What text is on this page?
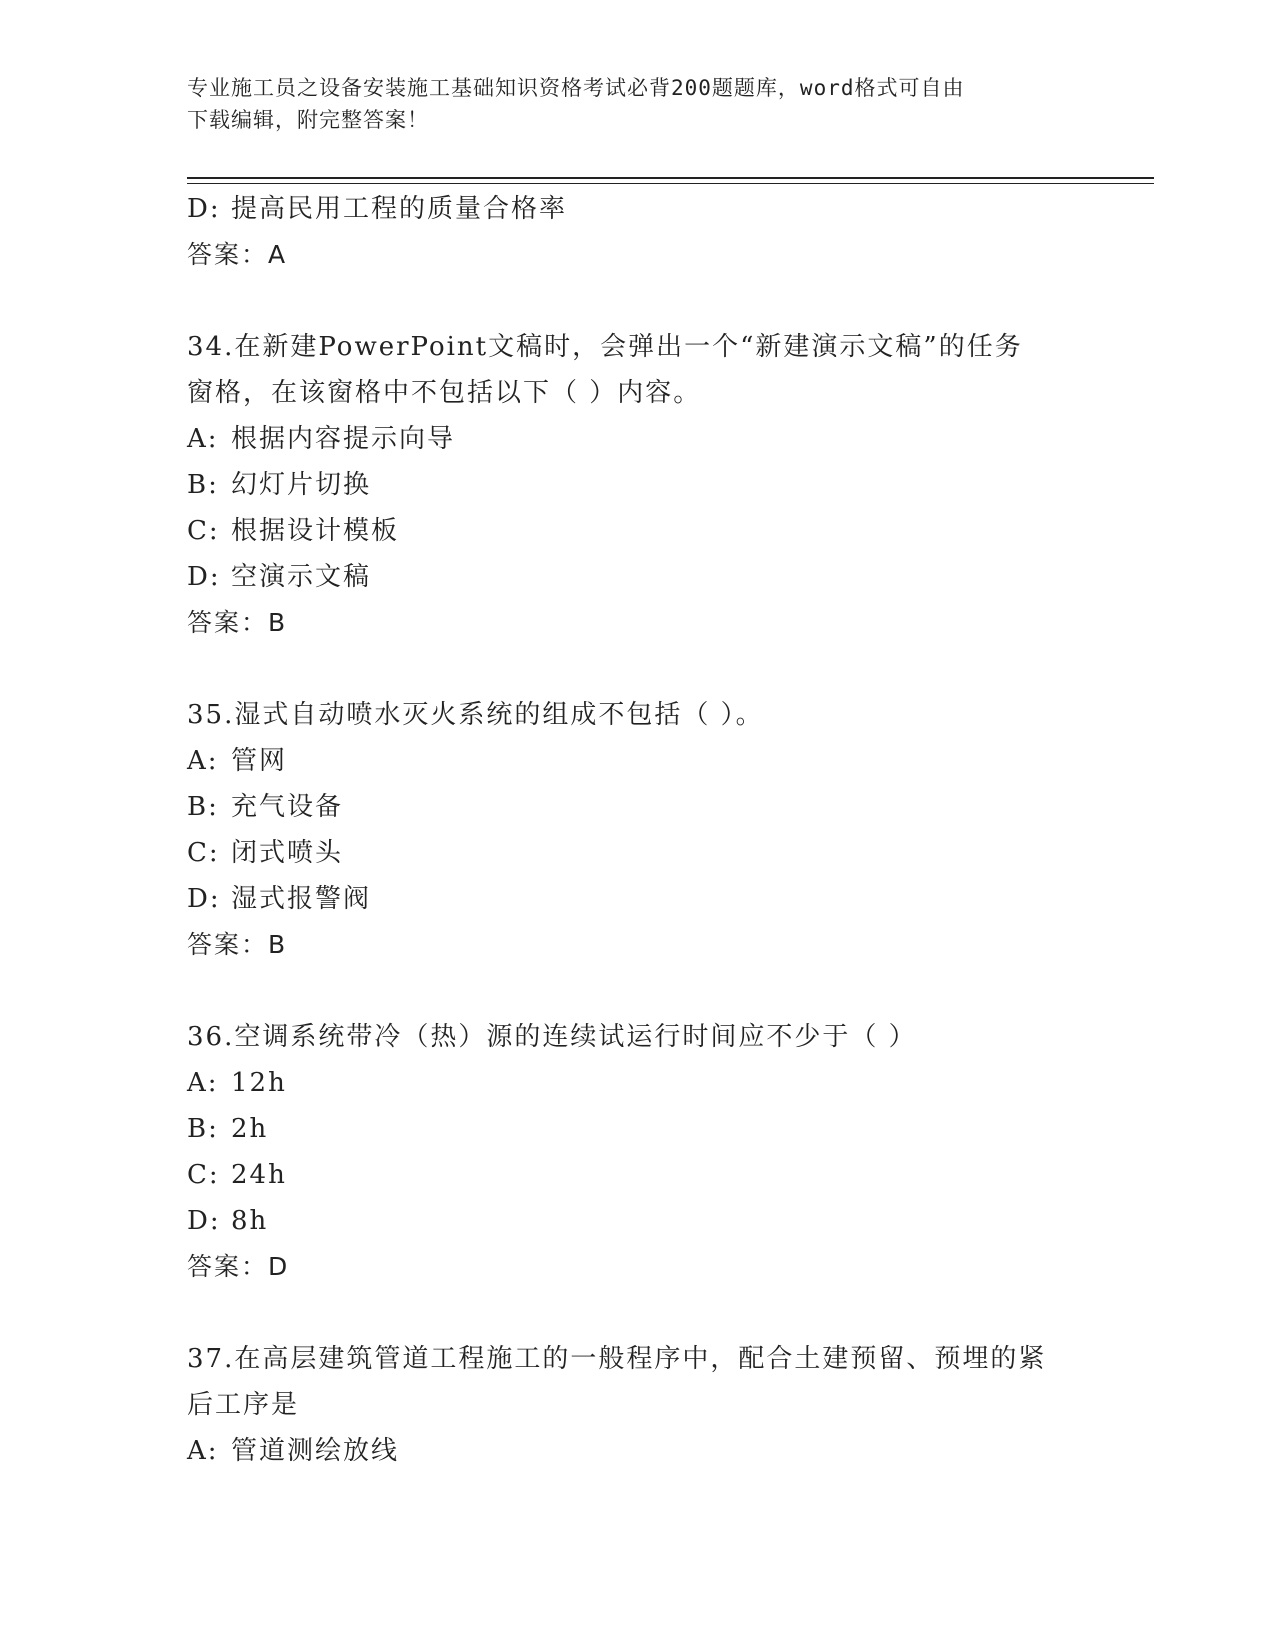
专业施工员之设备安装施工基础知识资格考试必背200题题库，word格式可自由
下载编辑，附完整答案！
D: 提高民用工程的质量合格率
答案：A
34.在新建PowerPoint文稿时，会弹出一个“新建演示文稿”的任务
窗格，在该窗格中不包括以下（ ）内容。
A: 根据内容提示向导
B: 幻灯片切换
C: 根据设计模板
D: 空演示文稿
答案：B
35.湿式自动喷水灭火系统的组成不包括（ ）。
A: 管网
B: 充气设备
C: 闭式喷头
D: 湿式报警阀
答案：B
36.空调系统带冷（热）源的连续试运行时间应不少于（ ）
A: 12h
B: 2h
C: 24h
D: 8h
答案：D
37.在高层建筑管道工程施工的一般程序中，配合土建预留、预埋的紧
后工序是
A: 管道测绘放线
